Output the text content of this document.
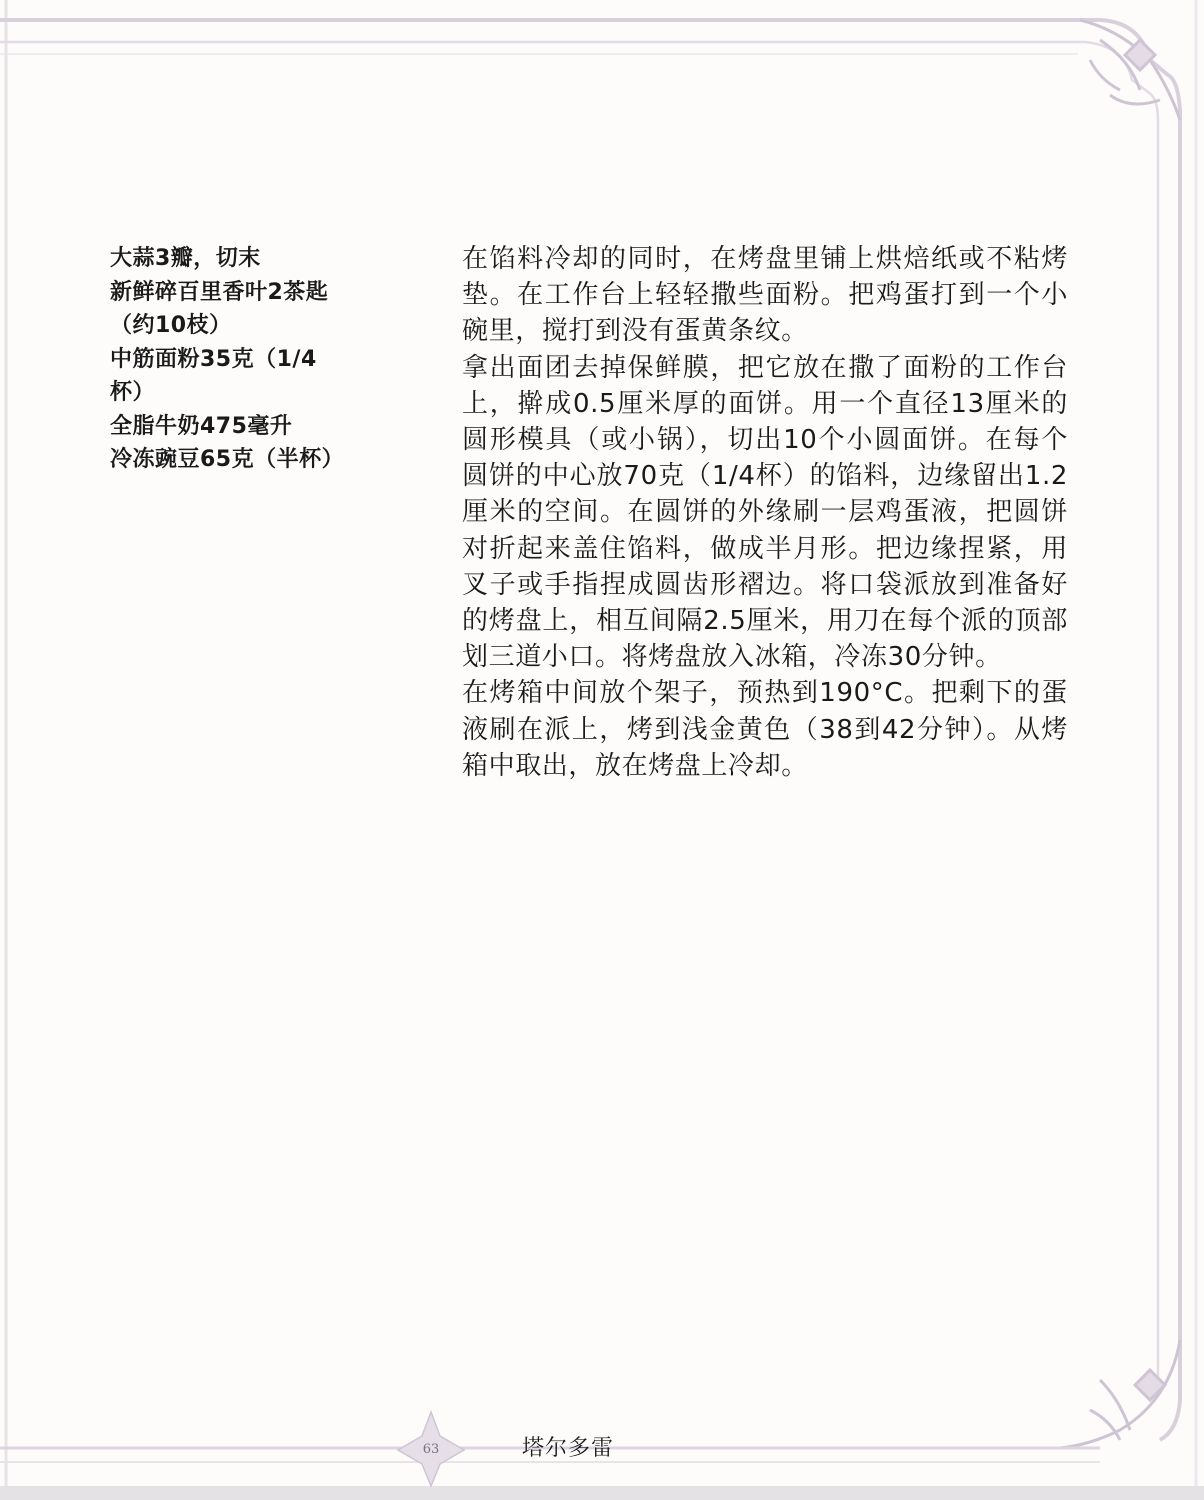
大蒜3瓣，切末
新鲜碎百里香叶2茶匙
（约10枝）
中筋面粉35克（1/4
杯）
全脂牛奶475毫升
冷冻豌豆65克（半杯）

在馅料冷却的同时，在烤盘里铺上烘焙纸或不粘烤垫。在工作台上轻轻撒些面粉。把鸡蛋打到一个小碗里，搅打到没有蛋黄条纹。

拿出面团去掉保鲜膜，把它放在撒了面粉的工作台上，擀成0.5厘米厚的面饼。用一个直径13厘米的圆形模具（或小锅），切出10个小圆面饼。在每个圆饼的中心放70克（1/4杯）的馅料，边缘留出1.2厘米的空间。在圆饼的外缘刷一层鸡蛋液，把圆饼对折起来盖住馅料，做成半月形。把边缘捏紧，用叉子或手指捏成圆齿形褶边。将口袋派放到准备好的烤盘上，相互间隔2.5厘米，用刀在每个派的顶部划三道小口。将烤盘放入冰箱，冷冻30分钟。

在烤箱中间放个架子，预热到190°C。把剩下的蛋液刷在派上，烤到浅金黄色（38到42分钟）。从烤箱中取出，放在烤盘上冷却。

63	塔尔多雷
